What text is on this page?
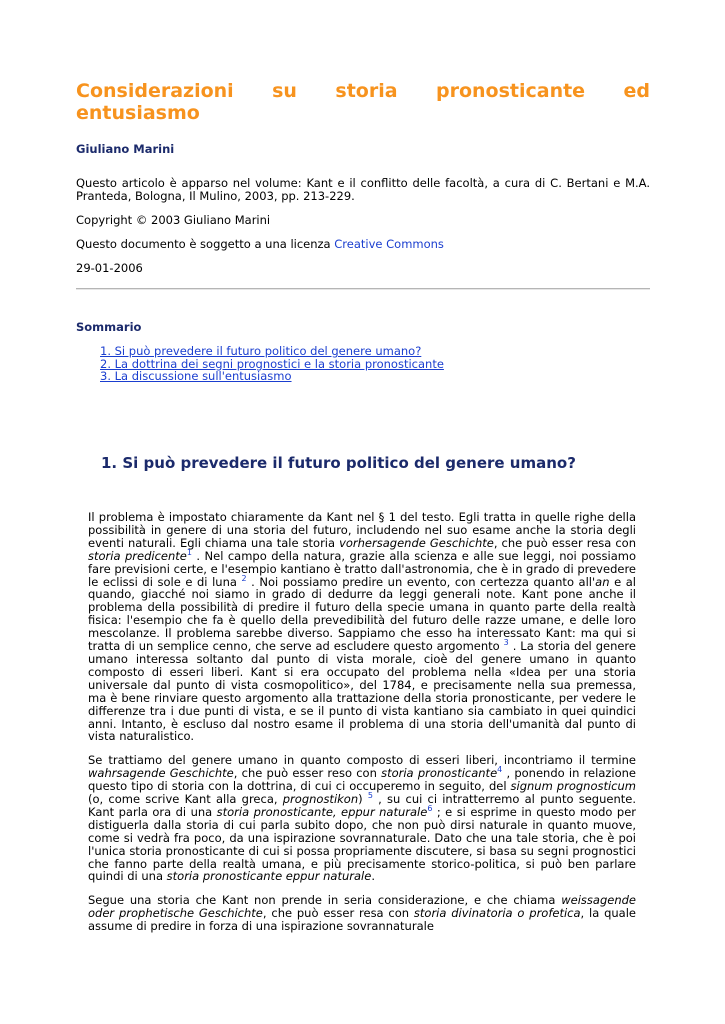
Considerazioni su storia pronosticante ed entusiasmo

Giuliano Marini

Questo articolo è apparso nel volume: Kant e il conflitto delle facoltà, a cura di C. Bertani e M.A. Pranteda, Bologna, Il Mulino, 2003, pp. 213-229.

Copyright © 2003 Giuliano Marini

Questo documento è soggetto a una licenza Creative Commons

29-01-2006

Sommario

1. Si può prevedere il futuro politico del genere umano?
2. La dottrina dei segni prognostici e la storia pronosticante
3. La discussione sull'entusiasmo
1. Si può prevedere il futuro politico del genere umano?

Il problema è impostato chiaramente da Kant nel § 1 del testo. Egli tratta in quelle righe della possibilità in genere di una storia del futuro, includendo nel suo esame anche la storia degli eventi naturali. Egli chiama una tale storia vorhersagende Geschichte, che può esser resa con storia predicente$^1$ . Nel campo della natura, grazie alla scienza e alle sue leggi, noi possiamo fare previsioni certe, e l'esempio kantiano è tratto dall'astronomia, che è in grado di prevedere le eclissi di sole e di luna $^2$ . Noi possiamo predire un evento, con certezza quanto all'an e al quando, giacché noi siamo in grado di dedurre da leggi generali note. Kant pone anche il problema della possibilità di predire il futuro della specie umana in quanto parte della realtà fisica: l'esempio che fa è quello della prevedibilità del futuro delle razze umane, e delle loro mescolanze. Il problema sarebbe diverso. Sappiamo che esso ha interessato Kant: ma qui si tratta di un semplice cenno, che serve ad escludere questo argomento $^3$ . La storia del genere umano interessa soltanto dal punto di vista morale, cioè del genere umano in quanto composto di esseri liberi. Kant si era occupato del problema nella «Idea per una storia universale dal punto di vista cosmopolitico», del 1784, e precisamente nella sua premessa, ma è bene rinviare questo argomento alla trattazione della storia pronosticante, per vedere le differenze tra i due punti di vista, e se il punto di vista kantiano sia cambiato in quei quindici anni. Intanto, è escluso dal nostro esame il problema di una storia dell'umanità dal punto di vista naturalistico.

Se trattiamo del genere umano in quanto composto di esseri liberi, incontriamo il termine wahrsagende Geschichte, che può esser reso con storia pronosticante$^4$ , ponendo in relazione questo tipo di storia con la dottrina, di cui ci occuperemo in seguito, del signum prognosticum (o, come scrive Kant alla greca, prognostikon) $^5$ , su cui ci intratterremo al punto seguente. Kant parla ora di una storia pronosticante, eppur naturale$^6$ ; e si esprime in questo modo per distiguerla dalla storia di cui parla subito dopo, che non può dirsi naturale in quanto muove, come si vedrà fra poco, da una ispirazione sovrannaturale. Dato che una tale storia, che è poi l'unica storia pronosticante di cui si possa propriamente discutere, si basa su segni prognostici che fanno parte della realtà umana, e più precisamente storico-politica, si può ben parlare quindi di una storia pronosticante eppur naturale.

Segue una storia che Kant non prende in seria considerazione, e che chiama weissagende oder prophetische Geschichte, che può esser resa con storia divinatoria o profetica, la quale assume di predire in forza di una ispirazione sovrannaturale
